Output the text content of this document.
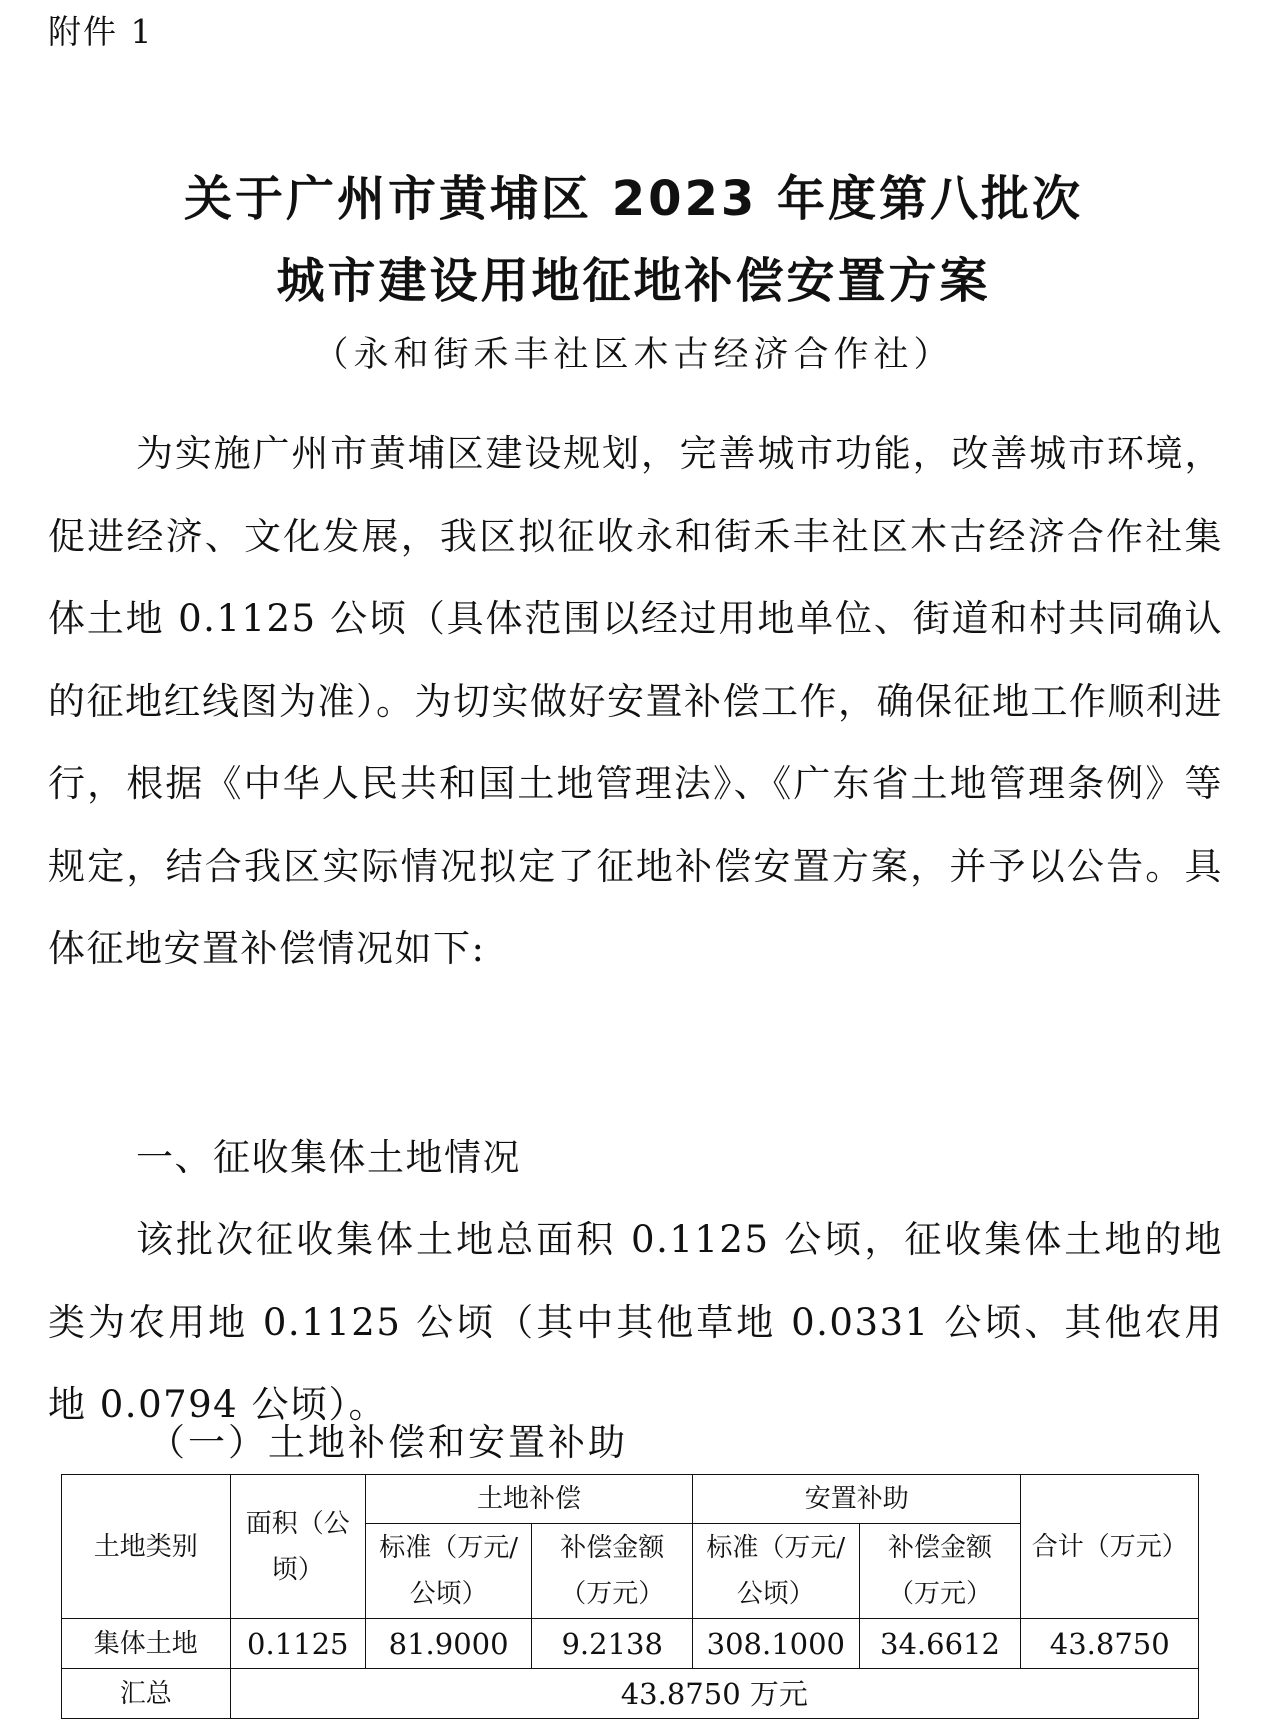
附件 1
关于广州市黄埔区 2023 年度第八批次
城市建设用地征地补偿安置方案
（永和街禾丰社区木古经济合作社）
为实施广州市黄埔区建设规划，完善城市功能，改善城市环境，促进经济、文化发展，我区拟征收永和街禾丰社区木古经济合作社集体土地 0.1125 公顷（具体范围以经过用地单位、街道和村共同确认的征地红线图为准）。为切实做好安置补偿工作，确保征地工作顺利进行，根据《中华人民共和国土地管理法》、《广东省土地管理条例》等规定，结合我区实际情况拟定了征地补偿安置方案，并予以公告。具体征地安置补偿情况如下:
一、征收集体土地情况
该批次征收集体土地总面积 0.1125 公顷，征收集体土地的地类为农用地 0.1125 公顷（其中其他草地 0.0331 公顷、其他农用地 0.0794 公顷）。
（一）土地补偿和安置补助
土地类别	面积（公顷）	土地补偿		安置补助		合计（万元）
		标准（万元/公顷）	补偿金额（万元）	标准（万元/公顷）	补偿金额（万元）	
集体土地	0.1125	81.9000	9.2138	308.1000	34.6612	43.8750
汇总	43.8750 万元					
